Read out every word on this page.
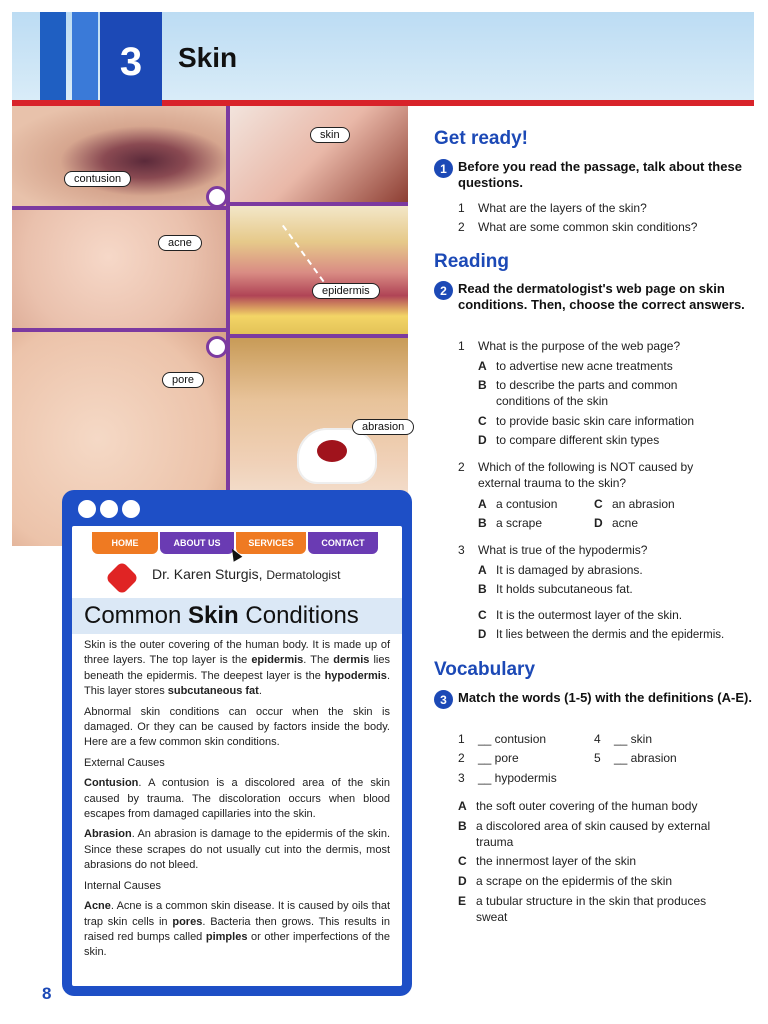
3	Skin
contusion
skin
acne
epidermis
pore
abrasion
HOME	ABOUT US	SERVICES	CONTACT
Dr. Karen Sturgis, Dermatologist
Common Skin Conditions

Skin is the outer covering of the human body. It is made up of three layers. The top layer is the epidermis. The dermis lies beneath the epidermis. The deepest layer is the hypodermis. This layer stores subcutaneous fat.

Abnormal skin conditions can occur when the skin is damaged. Or they can be caused by factors inside the body. Here are a few common skin conditions.

External Causes

Contusion. A contusion is a discolored area of the skin caused by trauma. The discoloration occurs when blood escapes from damaged capillaries into the skin.

Abrasion. An abrasion is damage to the epidermis of the skin. Since these scrapes do not usually cut into the dermis, most abrasions do not bleed.

Internal Causes

Acne. Acne is a common skin disease. It is caused by oils that trap skin cells in pores. Bacteria then grows. This results in raised red bumps called pimples or other imperfections of the skin.

8
Get ready!
1 Before you read the passage, talk about these questions.
1 What are the layers of the skin?
2 What are some common skin conditions?
Reading
2 Read the dermatologist's web page on skin conditions. Then, choose the correct answers.
1 What is the purpose of the web page?
A to advertise new acne treatments
B to describe the parts and common
conditions of the skin
C to provide basic skin care information
D to compare different skin types
2 Which of the following is NOT caused by
external trauma to the skin?
A a contusion	C an abrasion
B a scrape	D acne
3 What is true of the hypodermis?
A It is damaged by abrasions.
B It holds subcutaneous fat.
C It is the outermost layer of the skin.
D It lies between the dermis and the epidermis.
Vocabulary
3 Match the words (1-5) with the definitions (A-E).
1 __ contusion	4 __ skin
2 __ pore	5 __ abrasion
3 __ hypodermis
A the soft outer covering of the human body
B a discolored area of skin caused by external
trauma
C the innermost layer of the skin
D a scrape on the epidermis of the skin
E a tubular structure in the skin that produces
sweat
